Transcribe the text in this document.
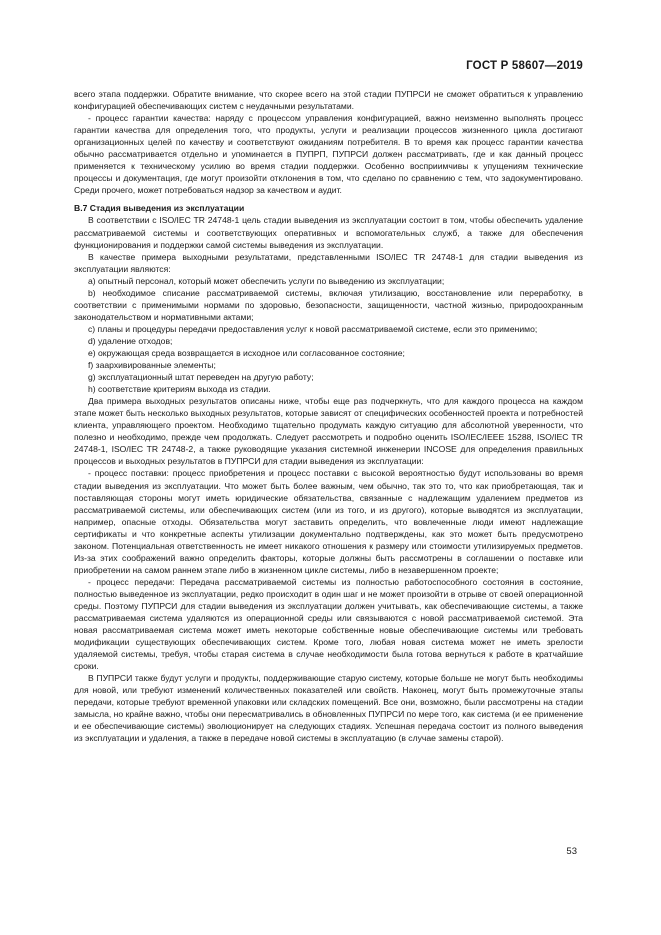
ГОСТ Р 58607—2019

всего этапа поддержки. Обратите внимание, что скорее всего на этой стадии ПУПРСИ не сможет обратиться к управлению конфигурацией обеспечивающих систем с неудачными результатами.

- процесс гарантии качества: наряду с процессом управления конфигурацией, важно неизменно выполнять процесс гарантии качества для определения того, что продукты, услуги и реализации процессов жизненного цикла достигают организационных целей по качеству и соответствуют ожиданиям потребителя. В то время как процесс гарантии качества обычно рассматривается отдельно и упоминается в ПУПРП, ПУПРСИ должен рассматривать, где и как данный процесс применяется к техническому усилию во время стадии поддержки. Особенно восприимчивы к упущениям технические процессы и документация, где могут произойти отклонения в том, что сделано по сравнению с тем, что задокументировано. Среди прочего, может потребоваться надзор за качеством и аудит.

В.7 Стадия выведения из эксплуатации

В соответствии с ISO/IEC TR 24748-1 цель стадии выведения из эксплуатации состоит в том, чтобы обеспечить удаление рассматриваемой системы и соответствующих оперативных и вспомогательных служб, а также для обеспечения функционирования и поддержки самой системы выведения из эксплуатации.

В качестве примера выходными результатами, представленными ISO/IEC TR 24748-1 для стадии выведения из эксплуатации являются:

a) опытный персонал, который может обеспечить услуги по выведению из эксплуатации;

b) необходимое списание рассматриваемой системы, включая утилизацию, восстановление или переработку, в соответствии с применимыми нормами по здоровью, безопасности, защищенности, частной жизнью, природоохранным законодательством и нормативными актами;

c) планы и процедуры передачи предоставления услуг к новой рассматриваемой системе, если это применимо;

d) удаление отходов;

e) окружающая среда возвращается в исходное или согласованное состояние;

f) заархивированные элементы;

g) эксплуатационный штат переведен на другую работу;

h) соответствие критериям выхода из стадии.

Два примера выходных результатов описаны ниже, чтобы еще раз подчеркнуть, что для каждого процесса на каждом этапе может быть несколько выходных результатов, которые зависят от специфических особенностей проекта и потребностей клиента, управляющего проектом. Необходимо тщательно продумать каждую ситуацию для абсолютной уверенности, что полезно и необходимо, прежде чем продолжать. Следует рассмотреть и подробно оценить ISO/IEC/IEEE 15288, ISO/IEC TR 24748-1, ISO/IEC TR 24748-2, а также руководящие указания системной инженерии INCOSE для определения правильных процессов и выходных результатов в ПУПРСИ для стадии выведения из эксплуатации:

- процесс поставки: процесс приобретения и процесс поставки с высокой вероятностью будут использованы во время стадии выведения из эксплуатации. Что может быть более важным, чем обычно, так это то, что как приобретающая, так и поставляющая стороны могут иметь юридические обязательства, связанные с надлежащим удалением предметов из рассматриваемой системы, или обеспечивающих систем (или из того, и из другого), которые выводятся из эксплуатации, например, опасные отходы. Обязательства могут заставить определить, что вовлеченные люди имеют надлежащие сертификаты и что конкретные аспекты утилизации документально подтверждены, как это может быть предусмотрено законом. Потенциальная ответственность не имеет никакого отношения к размеру или стоимости утилизируемых предметов. Из-за этих соображений важно определить факторы, которые должны быть рассмотрены в соглашении о поставке или приобретении на самом раннем этапе либо в жизненном цикле системы, либо в незавершенном проекте;

- процесс передачи: Передача рассматриваемой системы из полностью работоспособного состояния в состояние, полностью выведенное из эксплуатации, редко происходит в один шаг и не может произойти в отрыве от своей операционной среды. Поэтому ПУПРСИ для стадии выведения из эксплуатации должен учитывать, как обеспечивающие системы, а также рассматриваемая система удаляются из операционной среды или связываются с новой рассматриваемой системой. Эта новая рассматриваемая система может иметь некоторые собственные новые обеспечивающие системы или требовать модификации существующих обеспечивающих систем. Кроме того, любая новая система может не иметь зрелости удаляемой системы, требуя, чтобы старая система в случае необходимости была готова вернуться к работе в кратчайшие сроки.

В ПУПРСИ также будут услуги и продукты, поддерживающие старую систему, которые больше не могут быть необходимы для новой, или требуют изменений количественных показателей или свойств. Наконец, могут быть промежуточные этапы передачи, которые требуют временной упаковки или складских помещений. Все они, возможно, были рассмотрены на стадии замысла, но крайне важно, чтобы они пересматривались в обновленных ПУПРСИ по мере того, как система (и ее применение и ее обеспечивающие системы) эволюционирует на следующих стадиях. Успешная передача состоит из полного выведения из эксплуатации и удаления, а также в передаче новой системы в эксплуатацию (в случае замены старой).

53
